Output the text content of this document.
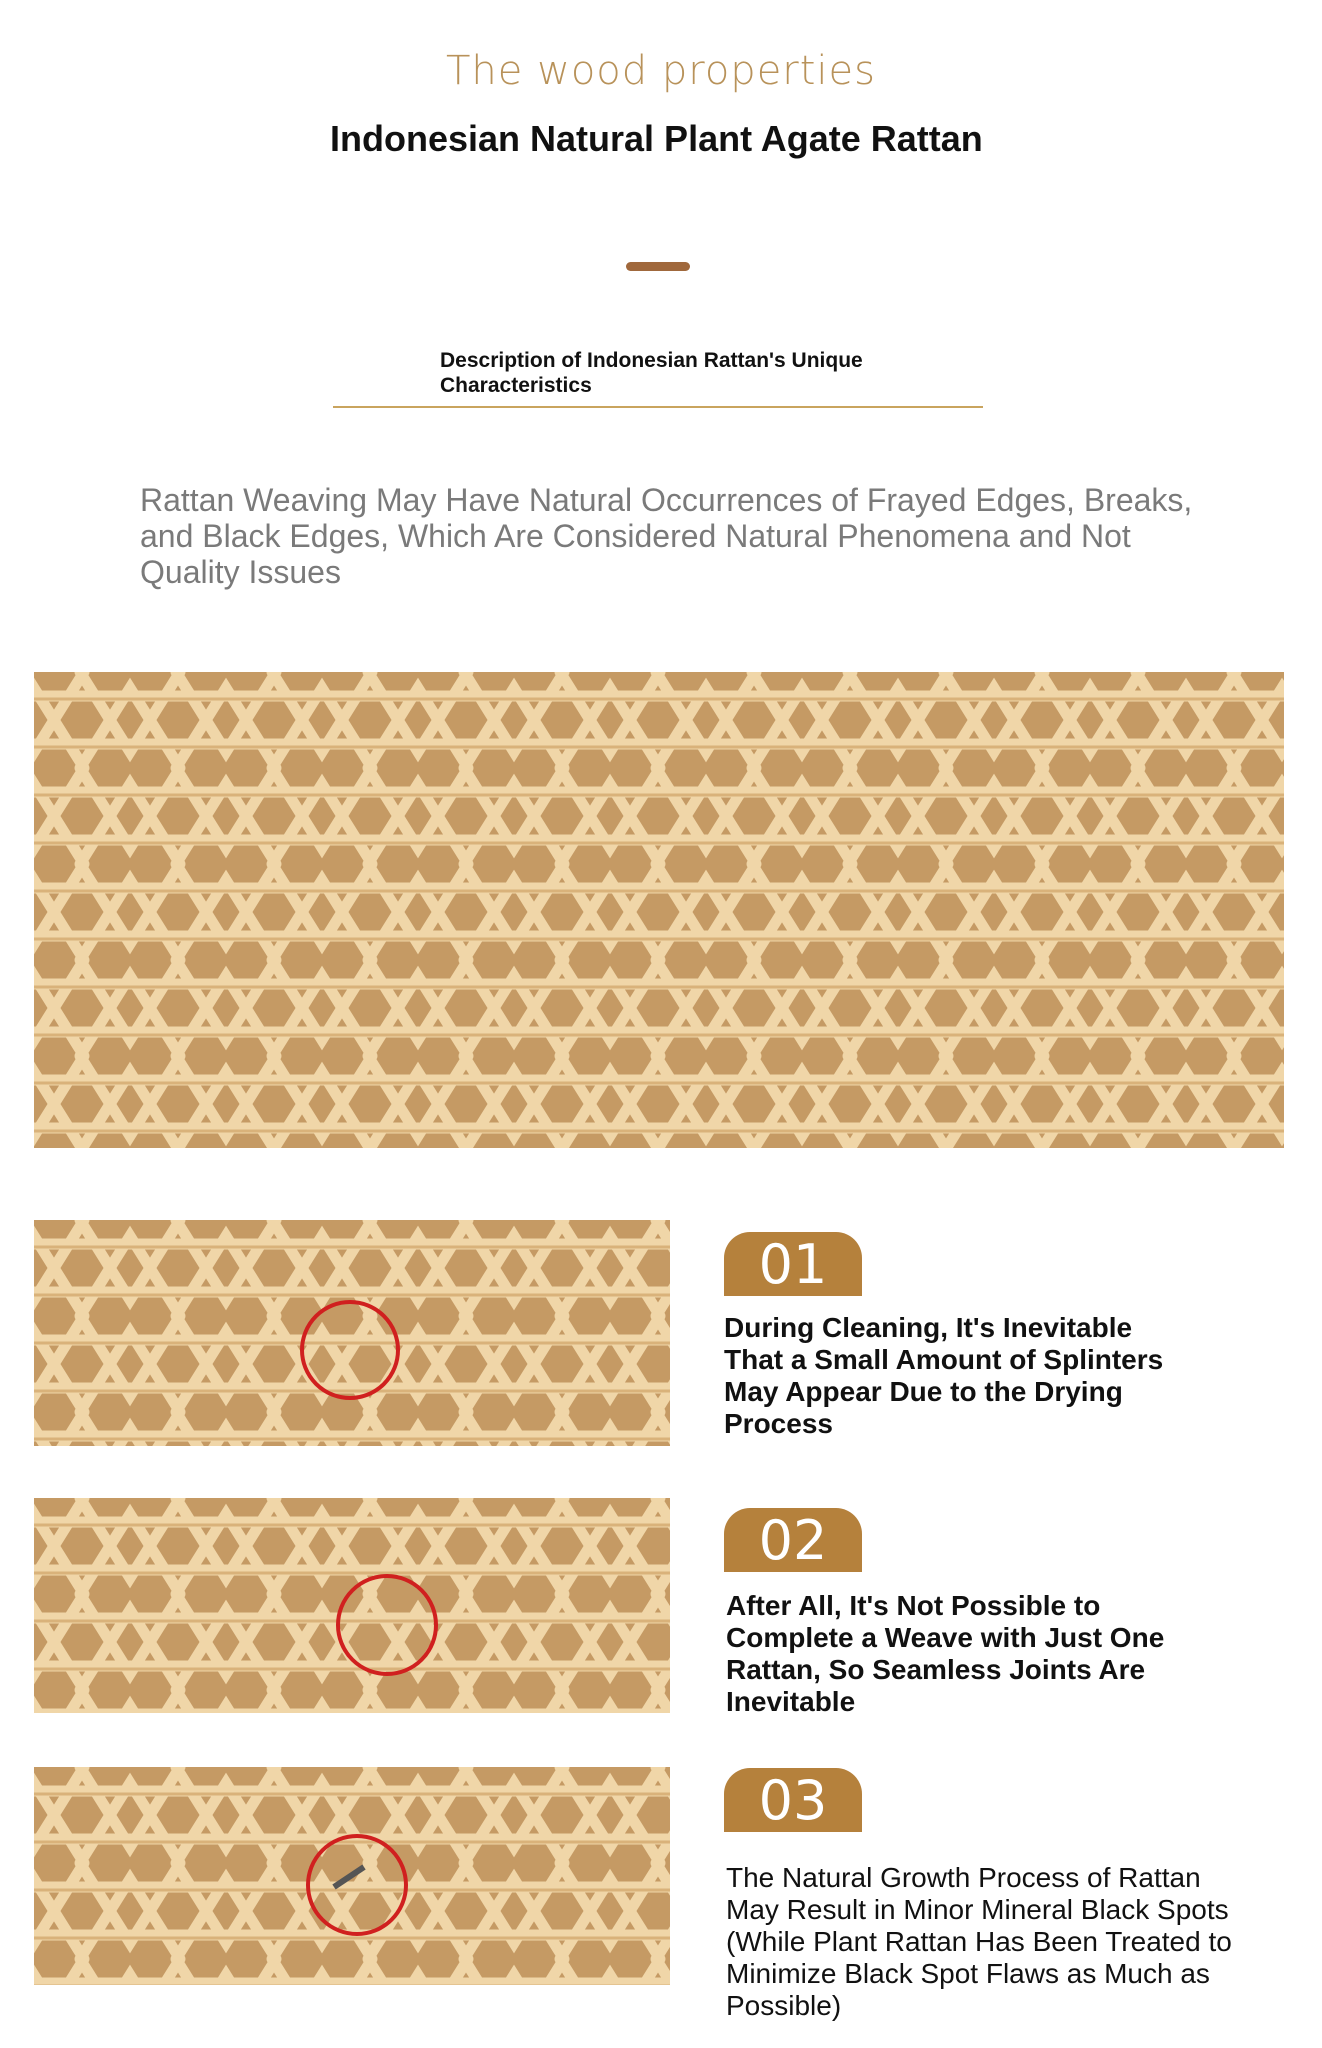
The wood properties
Indonesian Natural Plant Agate Rattan
Description of Indonesian Rattan's Unique Characteristics
Rattan Weaving May Have Natural Occurrences of Frayed Edges, Breaks, and Black Edges, Which Are Considered Natural Phenomena and Not Quality Issues
01
During Cleaning, It's Inevitable That a Small Amount of Splinters May Appear Due to the Drying Process
02
After All, It's Not Possible to Complete a Weave with Just One Rattan, So Seamless Joints Are Inevitable
03
The Natural Growth Process of Rattan May Result in Minor Mineral Black Spots (While Plant Rattan Has Been Treated to Minimize Black Spot Flaws as Much as Possible)
